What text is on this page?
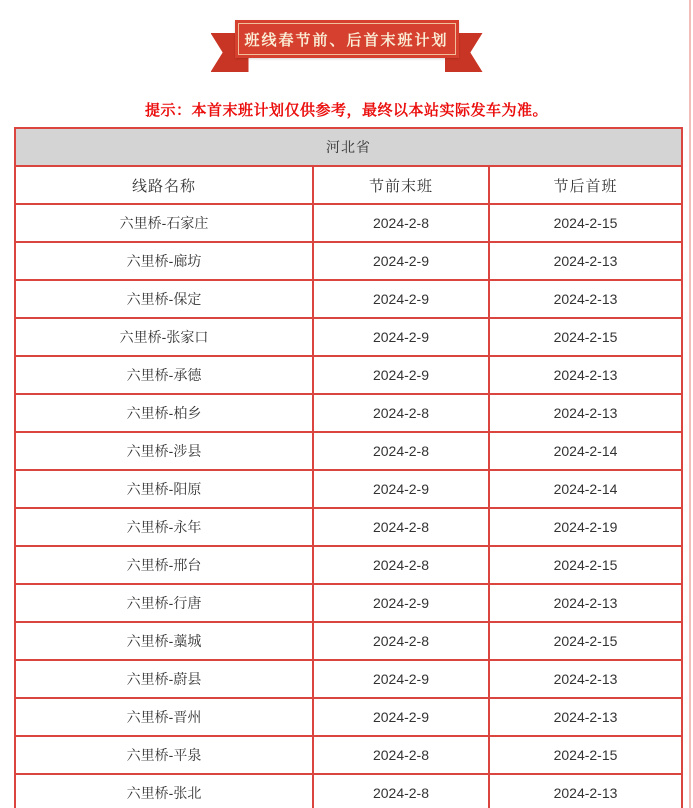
班线春节前、后首末班计划
提示：本首末班计划仅供参考，最终以本站实际发车为准。
河北省		
线路名称	节前末班	节后首班
六里桥-石家庄	2024-2-8	2024-2-15
六里桥-廊坊	2024-2-9	2024-2-13
六里桥-保定	2024-2-9	2024-2-13
六里桥-张家口	2024-2-9	2024-2-15
六里桥-承德	2024-2-9	2024-2-13
六里桥-柏乡	2024-2-8	2024-2-13
六里桥-涉县	2024-2-8	2024-2-14
六里桥-阳原	2024-2-9	2024-2-14
六里桥-永年	2024-2-8	2024-2-19
六里桥-邢台	2024-2-8	2024-2-15
六里桥-行唐	2024-2-9	2024-2-13
六里桥-藁城	2024-2-8	2024-2-15
六里桥-蔚县	2024-2-9	2024-2-13
六里桥-晋州	2024-2-9	2024-2-13
六里桥-平泉	2024-2-8	2024-2-15
六里桥-张北	2024-2-8	2024-2-13
